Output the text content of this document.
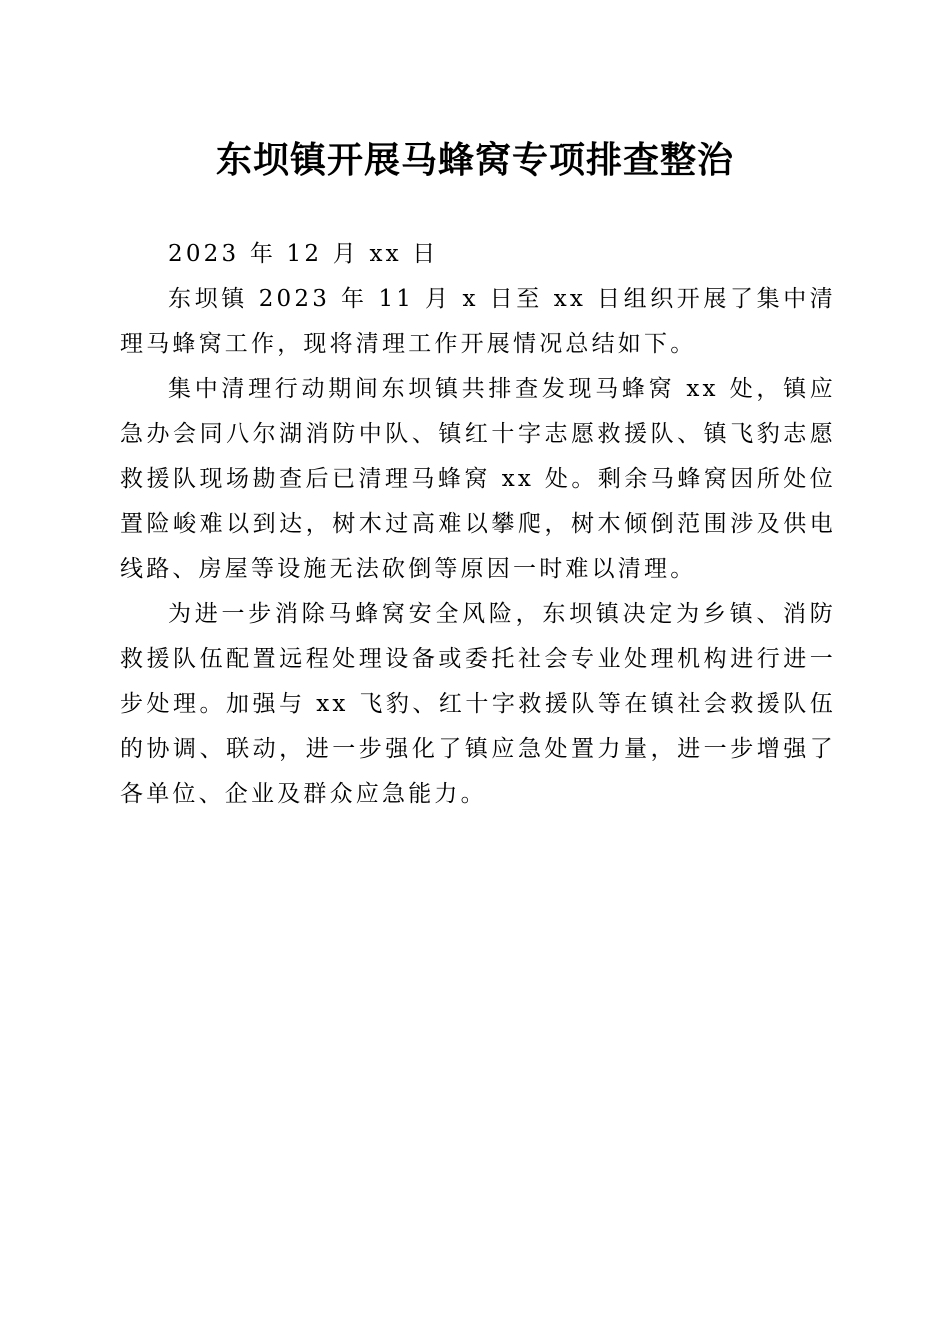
东坝镇开展马蜂窝专项排查整治

2023 年 12 月 xx 日

东坝镇 2023 年 11 月 x 日至 xx 日组织开展了集中清理马蜂窝工作，现将清理工作开展情况总结如下。

集中清理行动期间东坝镇共排查发现马蜂窝 xx 处，镇应急办会同八尔湖消防中队、镇红十字志愿救援队、镇飞豹志愿救援队现场勘查后已清理马蜂窝 xx 处。剩余马蜂窝因所处位置险峻难以到达，树木过高难以攀爬，树木倾倒范围涉及供电线路、房屋等设施无法砍倒等原因一时难以清理。

为进一步消除马蜂窝安全风险，东坝镇决定为乡镇、消防救援队伍配置远程处理设备或委托社会专业处理机构进行进一步处理。加强与 xx 飞豹、红十字救援队等在镇社会救援队伍的协调、联动，进一步强化了镇应急处置力量，进一步增强了各单位、企业及群众应急能力。
